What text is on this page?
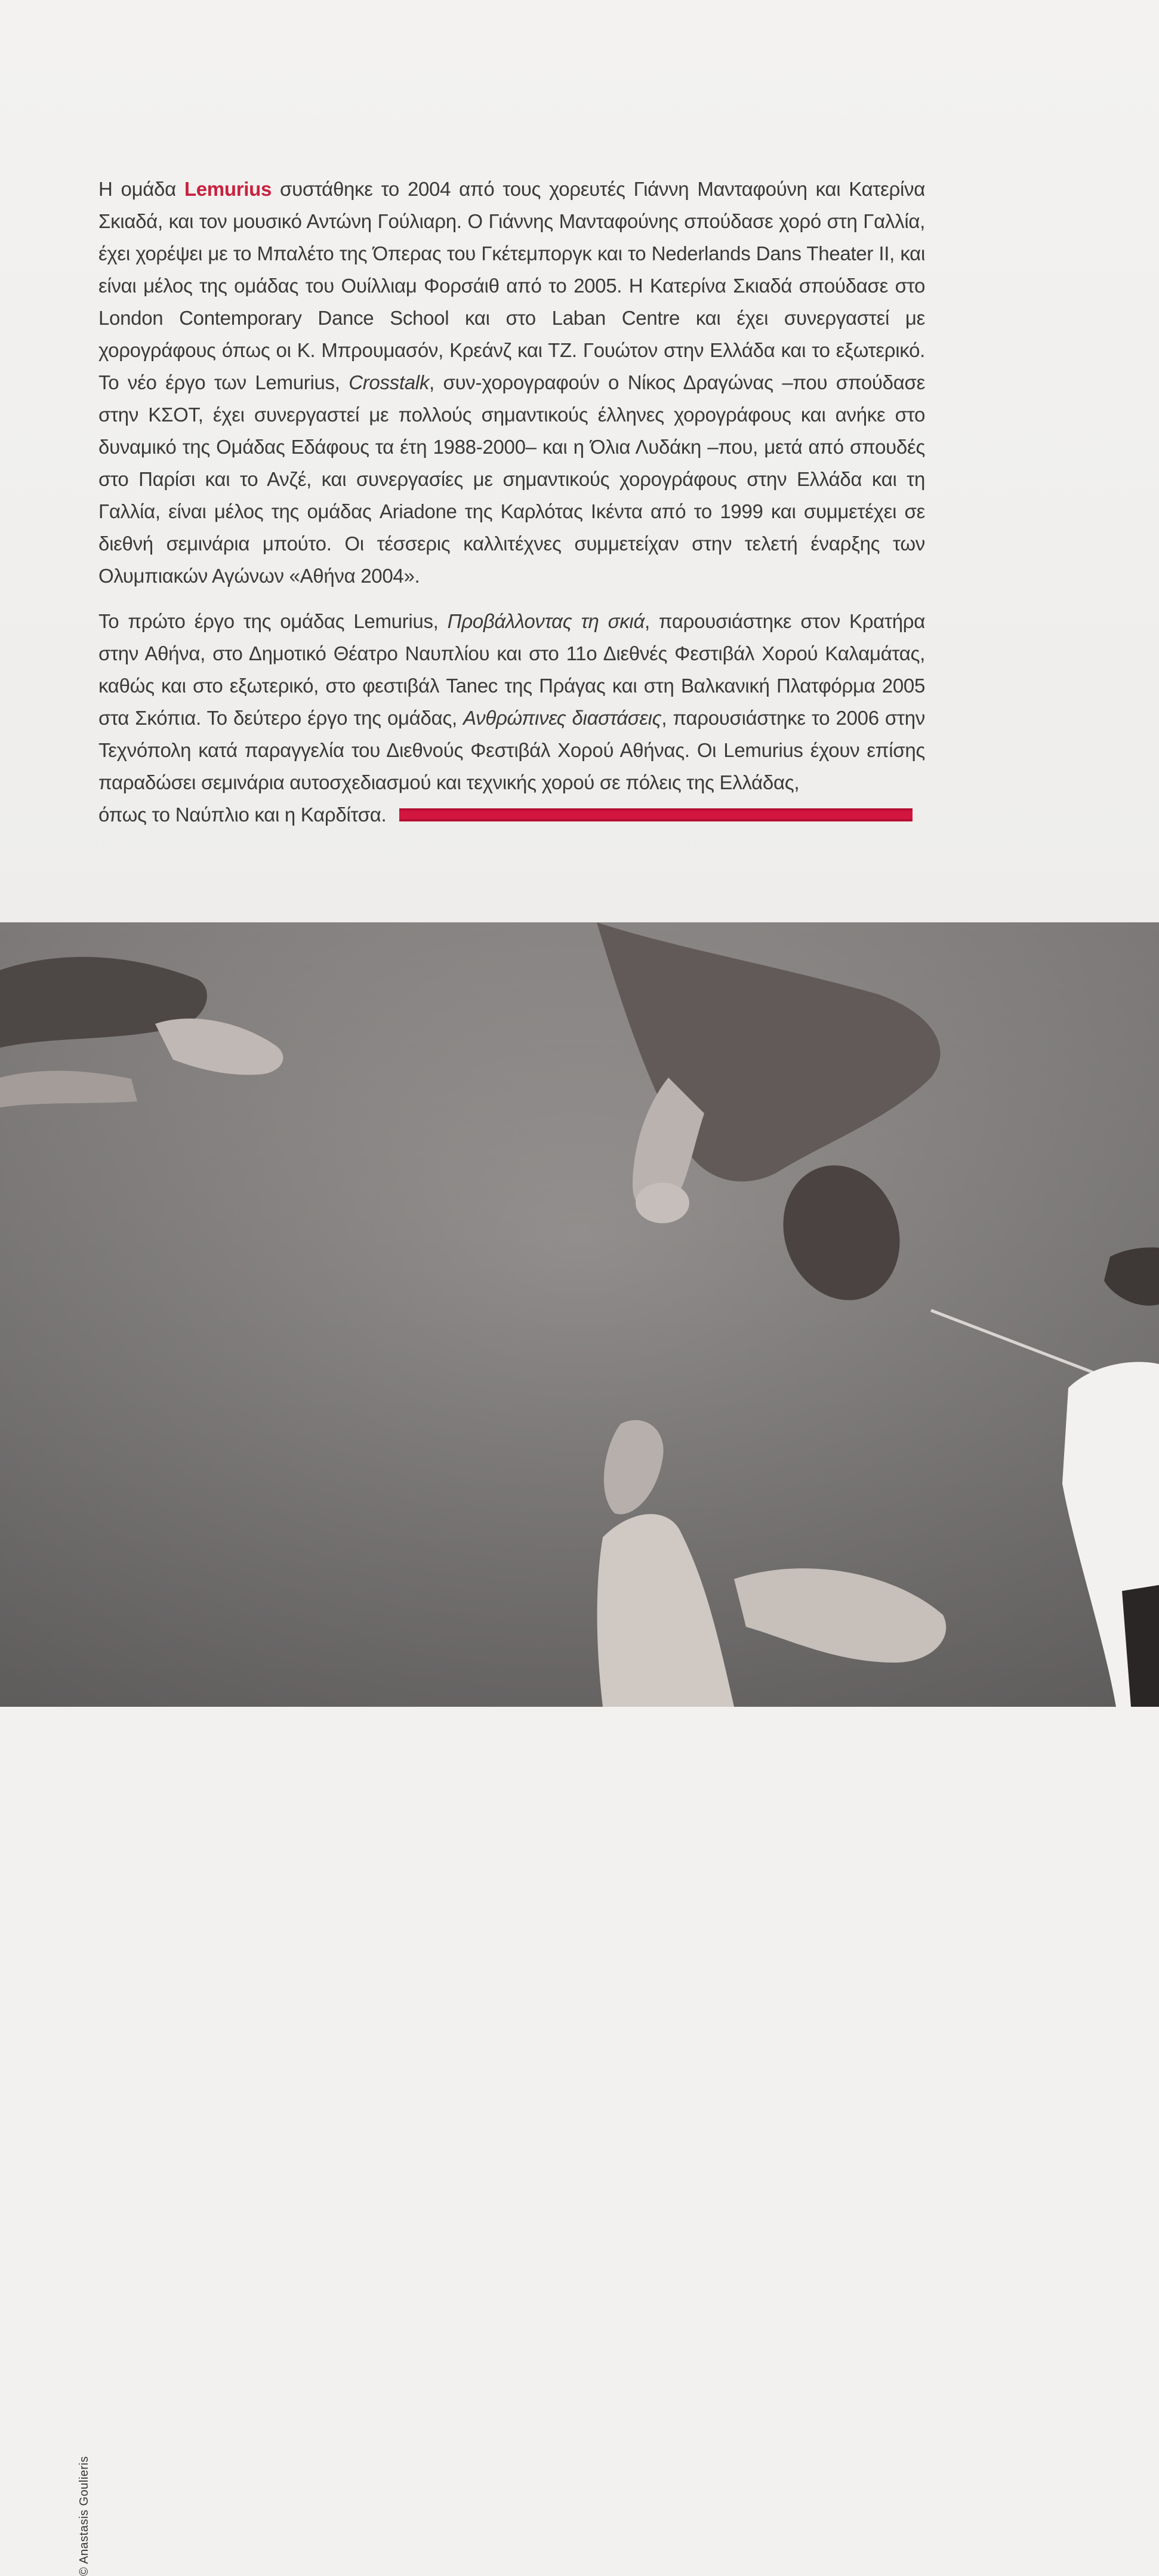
Η ομάδα Lemurius συστάθηκε το 2004 από τους χορευτές Γιάννη Μανταφούνη και Κατερίνα Σκιαδά, και τον μουσικό Αντώνη Γούλιαρη. Ο Γιάννης Μανταφούνης σπούδασε χορό στη Γαλλία, έχει χορέψει με το Μπαλέτο της Όπερας του Γκέτεμποργκ και το Nederlands Dans Theater II, και είναι μέλος της ομάδας του Ουίλλιαμ Φορσάιθ από το 2005. Η Κατερίνα Σκιαδά σπούδασε στο London Contemporary Dance School και στο Laban Centre και έχει συνεργαστεί με χορογράφους όπως οι Κ. Μπρουμασόν, Κρεάνζ και ΤΖ. Γουώτον στην Ελλάδα και το εξωτερικό. Το νέο έργο των Lemurius, Crosstalk, συν-χορογραφούν ο Νίκος Δραγώνας –που σπούδασε στην ΚΣΟΤ, έχει συνεργαστεί με πολλούς σημαντικούς έλληνες χορογράφους και ανήκε στο δυναμικό της Ομάδας Εδάφους τα έτη 1988-2000– και η Όλια Λυδάκη –που, μετά από σπουδές στο Παρίσι και το Ανζέ, και συνεργασίες με σημαντικούς χορογράφους στην Ελλάδα και τη Γαλλία, είναι μέλος της ομάδας Ariadone της Καρλότας Ικέντα από το 1999 και συμμετέχει σε διεθνή σεμινάρια μπούτο. Οι τέσσερις καλλιτέχνες συμμετείχαν στην τελετή έναρξης των Ολυμπιακών Αγώνων «Αθήνα 2004».

Το πρώτο έργο της ομάδας Lemurius, Προβάλλοντας τη σκιά, παρουσιάστηκε στον Κρατήρα στην Αθήνα, στο Δημοτικό Θέατρο Ναυπλίου και στο 11ο Διεθνές Φεστιβάλ Χορού Καλαμάτας, καθώς και στο εξωτερικό, στο φεστιβάλ Tanec της Πράγας και στη Βαλκανική Πλατφόρμα 2005 στα Σκόπια. Το δεύτερο έργο της ομάδας, Ανθρώπινες διαστάσεις, παρουσιάστηκε το 2006 στην Τεχνόπολη κατά παραγγελία του Διεθνούς Φεστιβάλ Χορού Αθήνας. Οι Lemurius έχουν επίσης παραδώσει σεμινάρια αυτοσχεδιασμού και τεχνικής χορού σε πόλεις της Ελλάδας,

όπως το Ναύπλιο και η Καρδίτσα.
© Anastasis Goulieris
